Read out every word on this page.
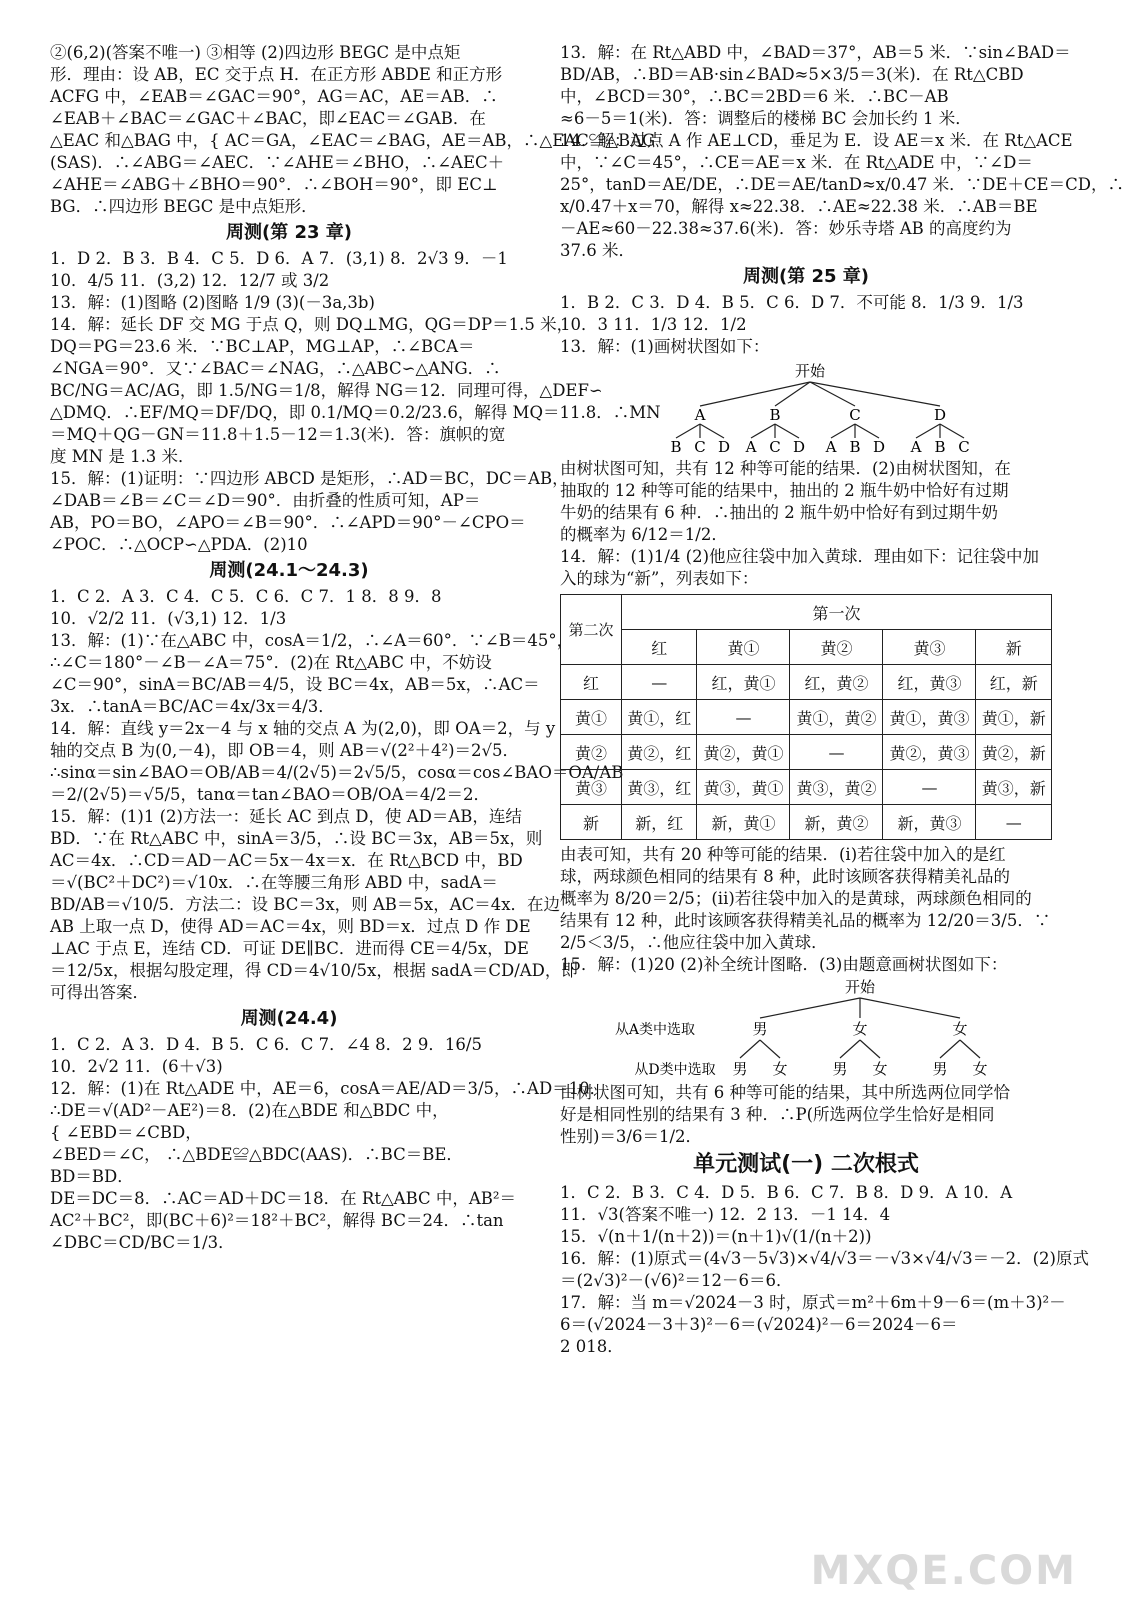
②(6,2)(答案不唯一) ③相等 (2)四边形 BEGC 是中点矩
形．理由：设 AB，EC 交于点 H．在正方形 ABDE 和正方形
ACFG 中，∠EAB＝∠GAC＝90°，AG＝AC，AE＝AB．∴
∠EAB＋∠BAC＝∠GAC＋∠BAC，即∠EAC＝∠GAB．在
△EAC 和△BAG 中，{ AC＝GA，∠EAC＝∠BAG，AE＝AB，∴△EAC≌△BAG
(SAS)．∴∠ABG＝∠AEC．∵∠AHE＝∠BHO，∴∠AEC＋
∠AHE＝∠ABG＋∠BHO＝90°．∴∠BOH＝90°，即 EC⊥
BG．∴四边形 BEGC 是中点矩形．
周测(第 23 章)
1．D 2．B 3．B 4．C 5．D 6．A 7．(3,1) 8．2√3 9．－1
10．4/5 11．(3,2) 12．12/7 或 3/2
13．解：(1)图略 (2)图略 1/9 (3)(－3a,3b)
14．解：延长 DF 交 MG 于点 Q，则 DQ⊥MG，QG＝DP＝1.5 米，
DQ＝PG＝23.6 米．∵BC⊥AP，MG⊥AP，∴∠BCA＝
∠NGA＝90°．又∵∠BAC＝∠NAG，∴△ABC∽△ANG．∴
BC/NG＝AC/AG，即 1.5/NG＝1/8，解得 NG＝12．同理可得，△DEF∽
△DMQ．∴EF/MQ＝DF/DQ，即 0.1/MQ＝0.2/23.6，解得 MQ＝11.8．∴MN
＝MQ＋QG－GN＝11.8＋1.5－12＝1.3(米)．答：旗帜的宽
度 MN 是 1.3 米．
15．解：(1)证明：∵四边形 ABCD 是矩形，∴AD＝BC，DC＝AB，
∠DAB＝∠B＝∠C＝∠D＝90°．由折叠的性质可知，AP＝
AB，PO＝BO，∠APO＝∠B＝90°．∴∠APD＝90°－∠CPO＝
∠POC．∴△OCP∽△PDA．(2)10
周测(24.1～24.3)
1．C 2．A 3．C 4．C 5．C 6．C 7．1 8．8 9．8
10．√2/2 11．(√3,1) 12．1/3
13．解：(1)∵在△ABC 中，cosA＝1/2，∴∠A＝60°．∵∠B＝45°，
∴∠C＝180°－∠B－∠A＝75°．(2)在 Rt△ABC 中，不妨设
∠C＝90°，sinA＝BC/AB＝4/5，设 BC＝4x，AB＝5x，∴AC＝
3x．∴tanA＝BC/AC＝4x/3x＝4/3．
14．解：直线 y＝2x－4 与 x 轴的交点 A 为(2,0)，即 OA＝2，与 y
轴的交点 B 为(0,－4)，即 OB＝4，则 AB＝√(2²＋4²)＝2√5．
∴sinα＝sin∠BAO＝OB/AB＝4/(2√5)＝2√5/5，cosα＝cos∠BAO＝OA/AB
＝2/(2√5)＝√5/5，tanα＝tan∠BAO＝OB/OA＝4/2＝2．
15．解：(1)1 (2)方法一：延长 AC 到点 D，使 AD＝AB，连结
BD．∵在 Rt△ABC 中，sinA＝3/5，∴设 BC＝3x，AB＝5x，则
AC＝4x．∴CD＝AD－AC＝5x－4x＝x．在 Rt△BCD 中，BD
＝√(BC²＋DC²)＝√10x．∴在等腰三角形 ABD 中，sadA＝
BD/AB＝√10/5．方法二：设 BC＝3x，则 AB＝5x，AC＝4x．在边
AB 上取一点 D，使得 AD＝AC＝4x，则 BD＝x．过点 D 作 DE
⊥AC 于点 E，连结 CD．可证 DE∥BC．进而得 CE＝4/5x，DE
＝12/5x，根据勾股定理，得 CD＝4√10/5x，根据 sadA＝CD/AD，即
可得出答案．
周测(24.4)
1．C 2．A 3．D 4．B 5．C 6．C 7．∠4 8．2 9．16/5
10．2√2 11．(6＋√3)
12．解：(1)在 Rt△ADE 中，AE＝6，cosA＝AE/AD＝3/5，∴AD＝10．
∴DE＝√(AD²－AE²)＝8．(2)在△BDE 和△BDC 中，
{ ∠EBD＝∠CBD，
∠BED＝∠C， ∴△BDE≌△BDC(AAS)．∴BC＝BE．
BD＝BD．
DE＝DC＝8．∴AC＝AD＋DC＝18．在 Rt△ABC 中，AB²＝
AC²＋BC²，即(BC＋6)²＝18²＋BC²，解得 BC＝24．∴tan
∠DBC＝CD/BC＝1/3．
13．解：在 Rt△ABD 中，∠BAD＝37°，AB＝5 米．∵sin∠BAD＝
BD/AB，∴BD＝AB·sin∠BAD≈5×3/5＝3(米)．在 Rt△CBD
中，∠BCD＝30°，∴BC＝2BD＝6 米．∴BC－AB
≈6－5＝1(米)．答：调整后的楼梯 BC 会加长约 1 米．
14．解：过点 A 作 AE⊥CD，垂足为 E．设 AE＝x 米．在 Rt△ACE
中，∵∠C＝45°，∴CE＝AE＝x 米．在 Rt△ADE 中，∵∠D＝
25°，tanD＝AE/DE，∴DE＝AE/tanD≈x/0.47 米．∵DE＋CE＝CD，∴
x/0.47＋x＝70，解得 x≈22.38．∴AE≈22.38 米．∴AB＝BE
－AE≈60－22.38≈37.6(米)．答：妙乐寺塔 AB 的高度约为
37.6 米．
周测(第 25 章)
1．B 2．C 3．D 4．B 5．C 6．D 7．不可能 8．1/3 9．1/3
10．3 11．1/3 12．1/2
13．解：(1)画树状图如下：
开始
A
B C D
B
A C D
C
A B D
D
A B C
由树状图可知，共有 12 种等可能的结果．(2)由树状图知，在
抽取的 12 种等可能的结果中，抽出的 2 瓶牛奶中恰好有过期
牛奶的结果有 6 种．∴抽出的 2 瓶牛奶中恰好有到过期牛奶
的概率为 6/12＝1/2．
14．解：(1)1/4 (2)他应往袋中加入黄球．理由如下：记往袋中加
入的球为“新”，列表如下：
第二次	第一次				
	红	黄①	黄②	黄③	新
红	—	红，黄①	红，黄②	红，黄③	红，新
黄①	黄①，红	—	黄①，黄②	黄①，黄③	黄①，新
黄②	黄②，红	黄②，黄①	—	黄②，黄③	黄②，新
黄③	黄③，红	黄③，黄①	黄③，黄②	—	黄③，新
新	新，红	新，黄①	新，黄②	新，黄③	—
由表可知，共有 20 种等可能的结果．(i)若往袋中加入的是红
球，两球颜色相同的结果有 8 种，此时该顾客获得精美礼品的
概率为 8/20＝2/5；(ii)若往袋中加入的是黄球，两球颜色相同的
结果有 12 种，此时该顾客获得精美礼品的概率为 12/20＝3/5．∵
2/5＜3/5，∴他应往袋中加入黄球．
15．解：(1)20 (2)补全统计图略．(3)由题意画树状图如下：
开始
从A类中选取
从D类中选取
男
男 女
女
男 女
女
男 女
由树状图可知，共有 6 种等可能的结果，其中所选两位同学恰
好是相同性别的结果有 3 种．∴P(所选两位学生恰好是相同
性别)＝3/6＝1/2．
单元测试(一) 二次根式
1．C 2．B 3．C 4．D 5．B 6．C 7．B 8．D 9．A 10．A
11．√3(答案不唯一) 12．2 13．－1 14．4
15．√(n＋1/(n＋2))＝(n＋1)√(1/(n＋2))
16．解：(1)原式＝(4√3－5√3)×√4/√3＝－√3×√4/√3＝－2．(2)原式
＝(2√3)²－(√6)²＝12－6＝6．
17．解：当 m＝√2024－3 时，原式＝m²＋6m＋9－6＝(m＋3)²－
6＝(√2024－3＋3)²－6＝(√2024)²－6＝2024－6＝
2 018．
MXQE.COM
